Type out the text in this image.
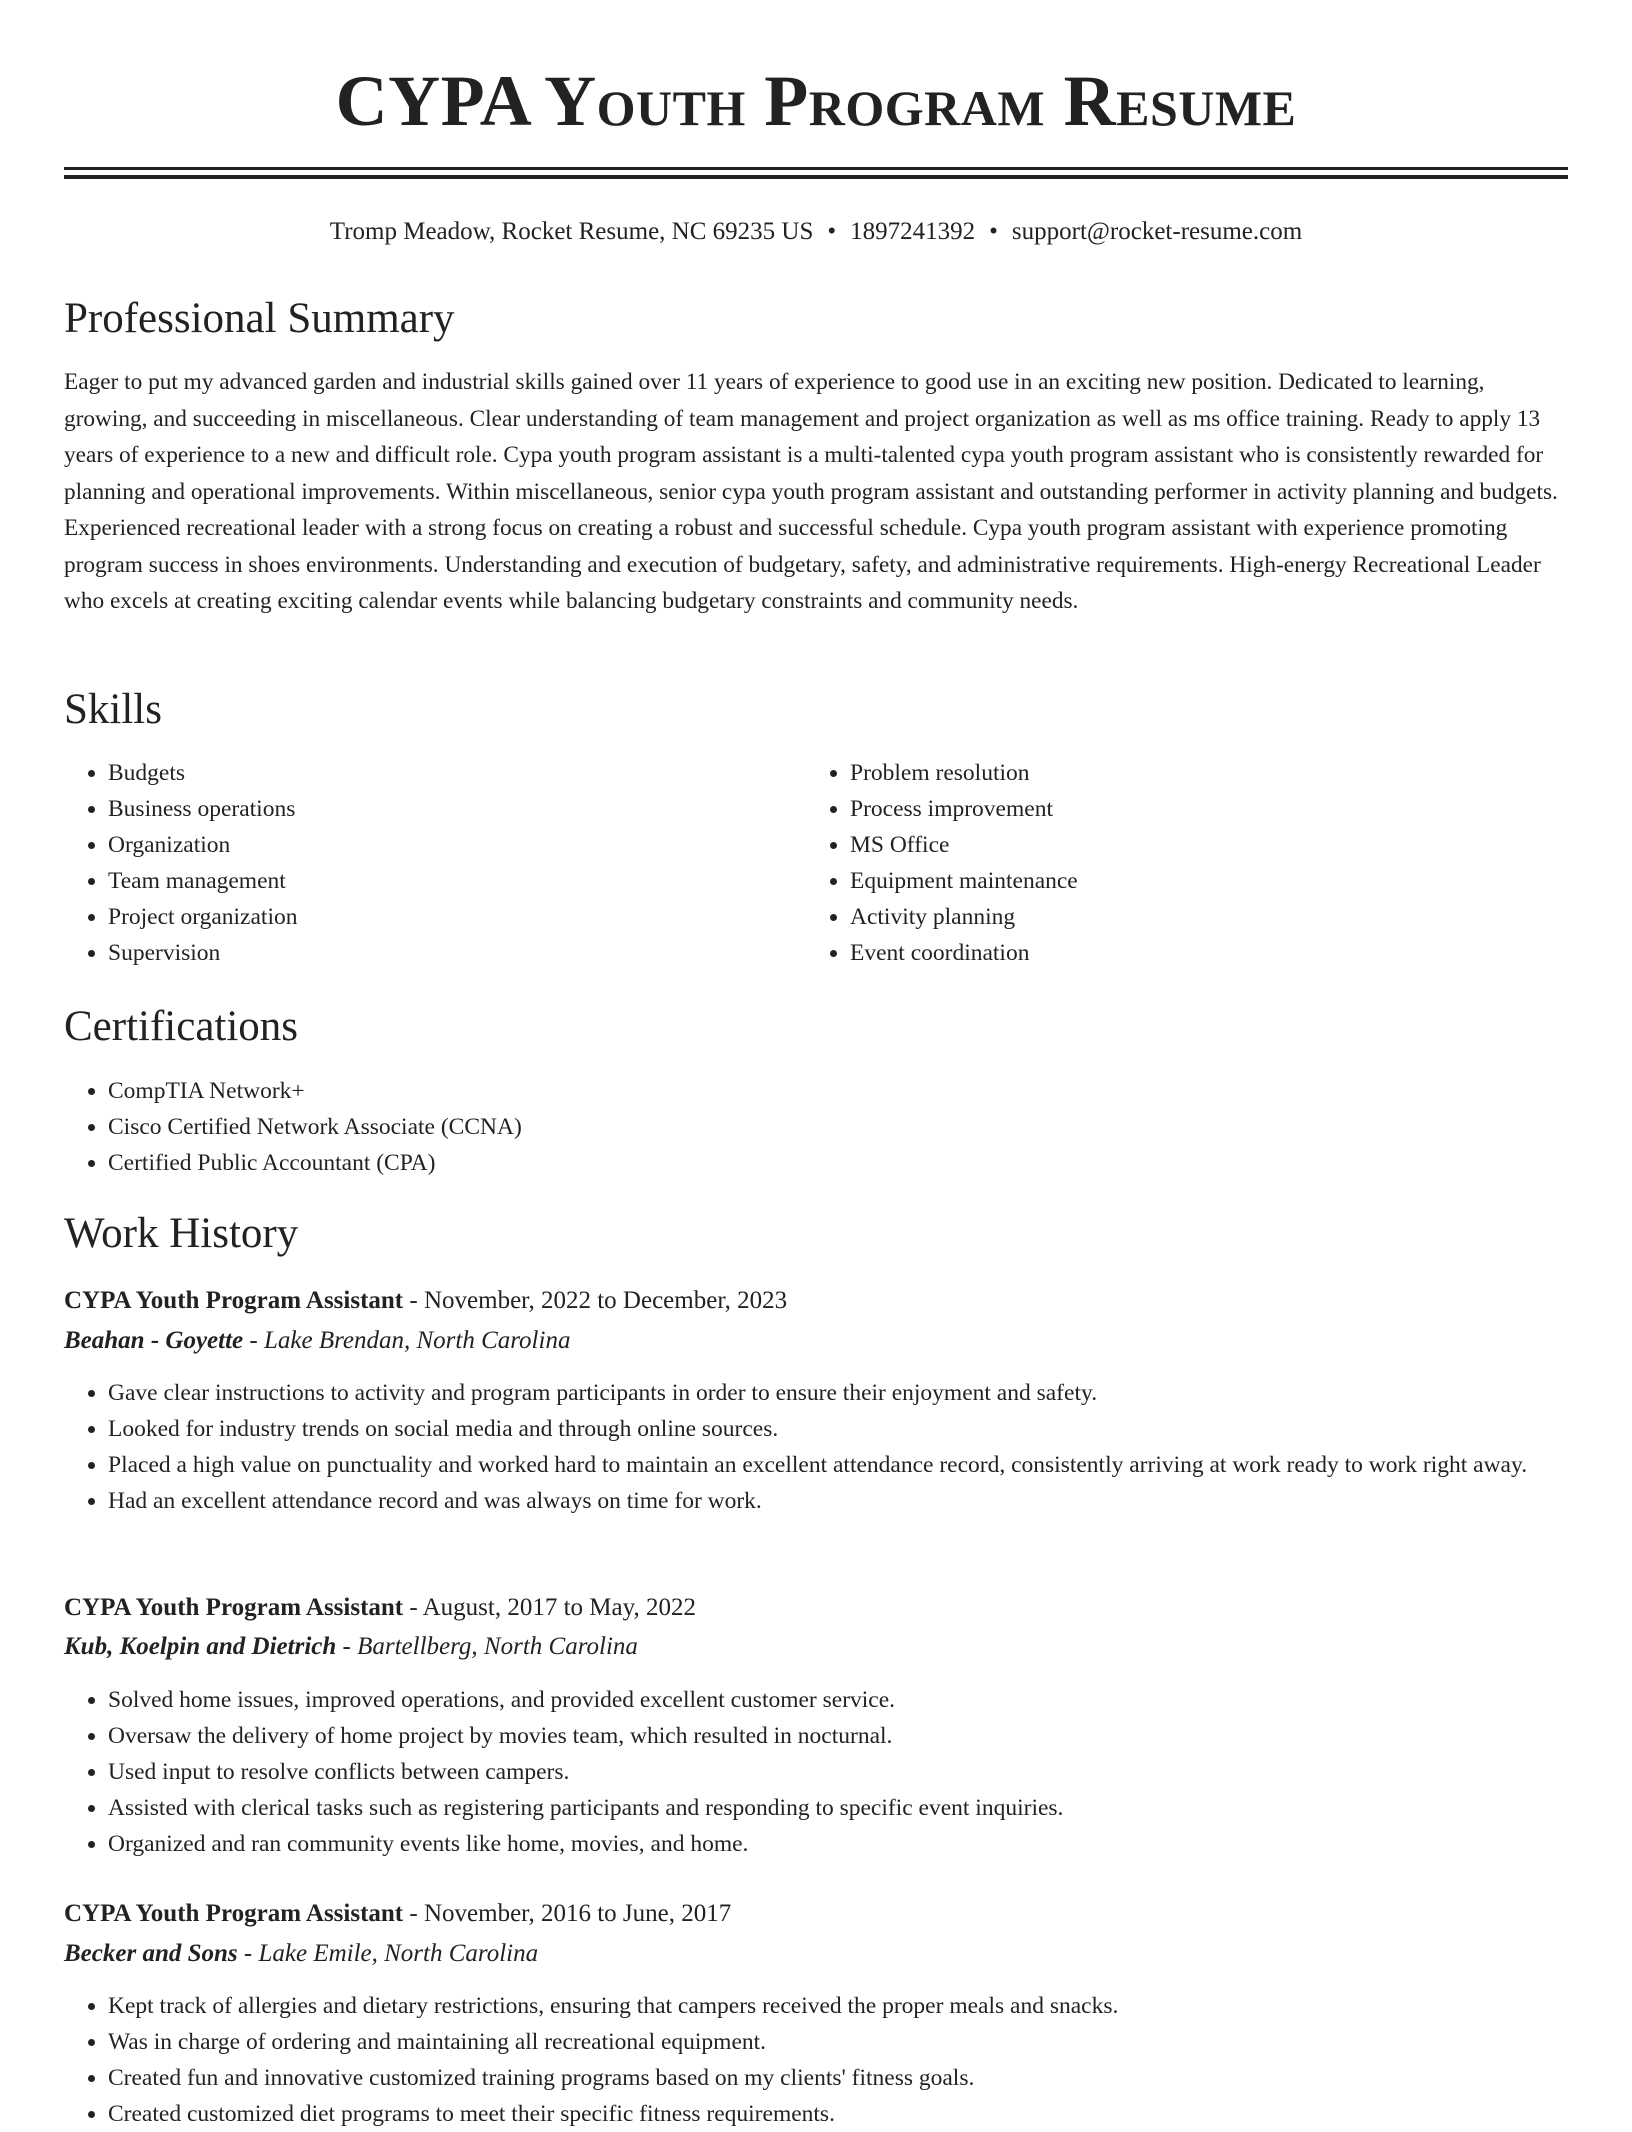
CYPA Youth Program Resume
Tromp Meadow, Rocket Resume, NC 69235 US • 1897241392 • support@rocket-resume.com
Professional Summary

Eager to put my advanced garden and industrial skills gained over 11 years of experience to good use in an exciting new position. Dedicated to learning, growing, and succeeding in miscellaneous. Clear understanding of team management and project organization as well as ms office training. Ready to apply 13 years of experience to a new and difficult role. Cypa youth program assistant is a multi-talented cypa youth program assistant who is consistently rewarded for planning and operational improvements. Within miscellaneous, senior cypa youth program assistant and outstanding performer in activity planning and budgets. Experienced recreational leader with a strong focus on creating a robust and successful schedule. Cypa youth program assistant with experience promoting program success in shoes environments. Understanding and execution of budgetary, safety, and administrative requirements. High-energy Recreational Leader who excels at creating exciting calendar events while balancing budgetary constraints and community needs.

Skills
• Budgets
• Business operations
• Organization
• Team management
• Project organization
• Supervision
• Problem resolution
• Process improvement
• MS Office
• Equipment maintenance
• Activity planning
• Event coordination
Certifications
• CompTIA Network+
• Cisco Certified Network Associate (CCNA)
• Certified Public Accountant (CPA)
Work History
CYPA Youth Program Assistant - November, 2022 to December, 2023
Beahan - Goyette - Lake Brendan, North Carolina
• Gave clear instructions to activity and program participants in order to ensure their enjoyment and safety.
• Looked for industry trends on social media and through online sources.
• Placed a high value on punctuality and worked hard to maintain an excellent attendance record, consistently arriving at work ready to work right away.
• Had an excellent attendance record and was always on time for work.
CYPA Youth Program Assistant - August, 2017 to May, 2022
Kub, Koelpin and Dietrich - Bartellberg, North Carolina
• Solved home issues, improved operations, and provided excellent customer service.
• Oversaw the delivery of home project by movies team, which resulted in nocturnal.
• Used input to resolve conflicts between campers.
• Assisted with clerical tasks such as registering participants and responding to specific event inquiries.
• Organized and ran community events like home, movies, and home.
CYPA Youth Program Assistant - November, 2016 to June, 2017
Becker and Sons - Lake Emile, North Carolina
• Kept track of allergies and dietary restrictions, ensuring that campers received the proper meals and snacks.
• Was in charge of ordering and maintaining all recreational equipment.
• Created fun and innovative customized training programs based on my clients' fitness goals.
• Created customized diet programs to meet their specific fitness requirements.
